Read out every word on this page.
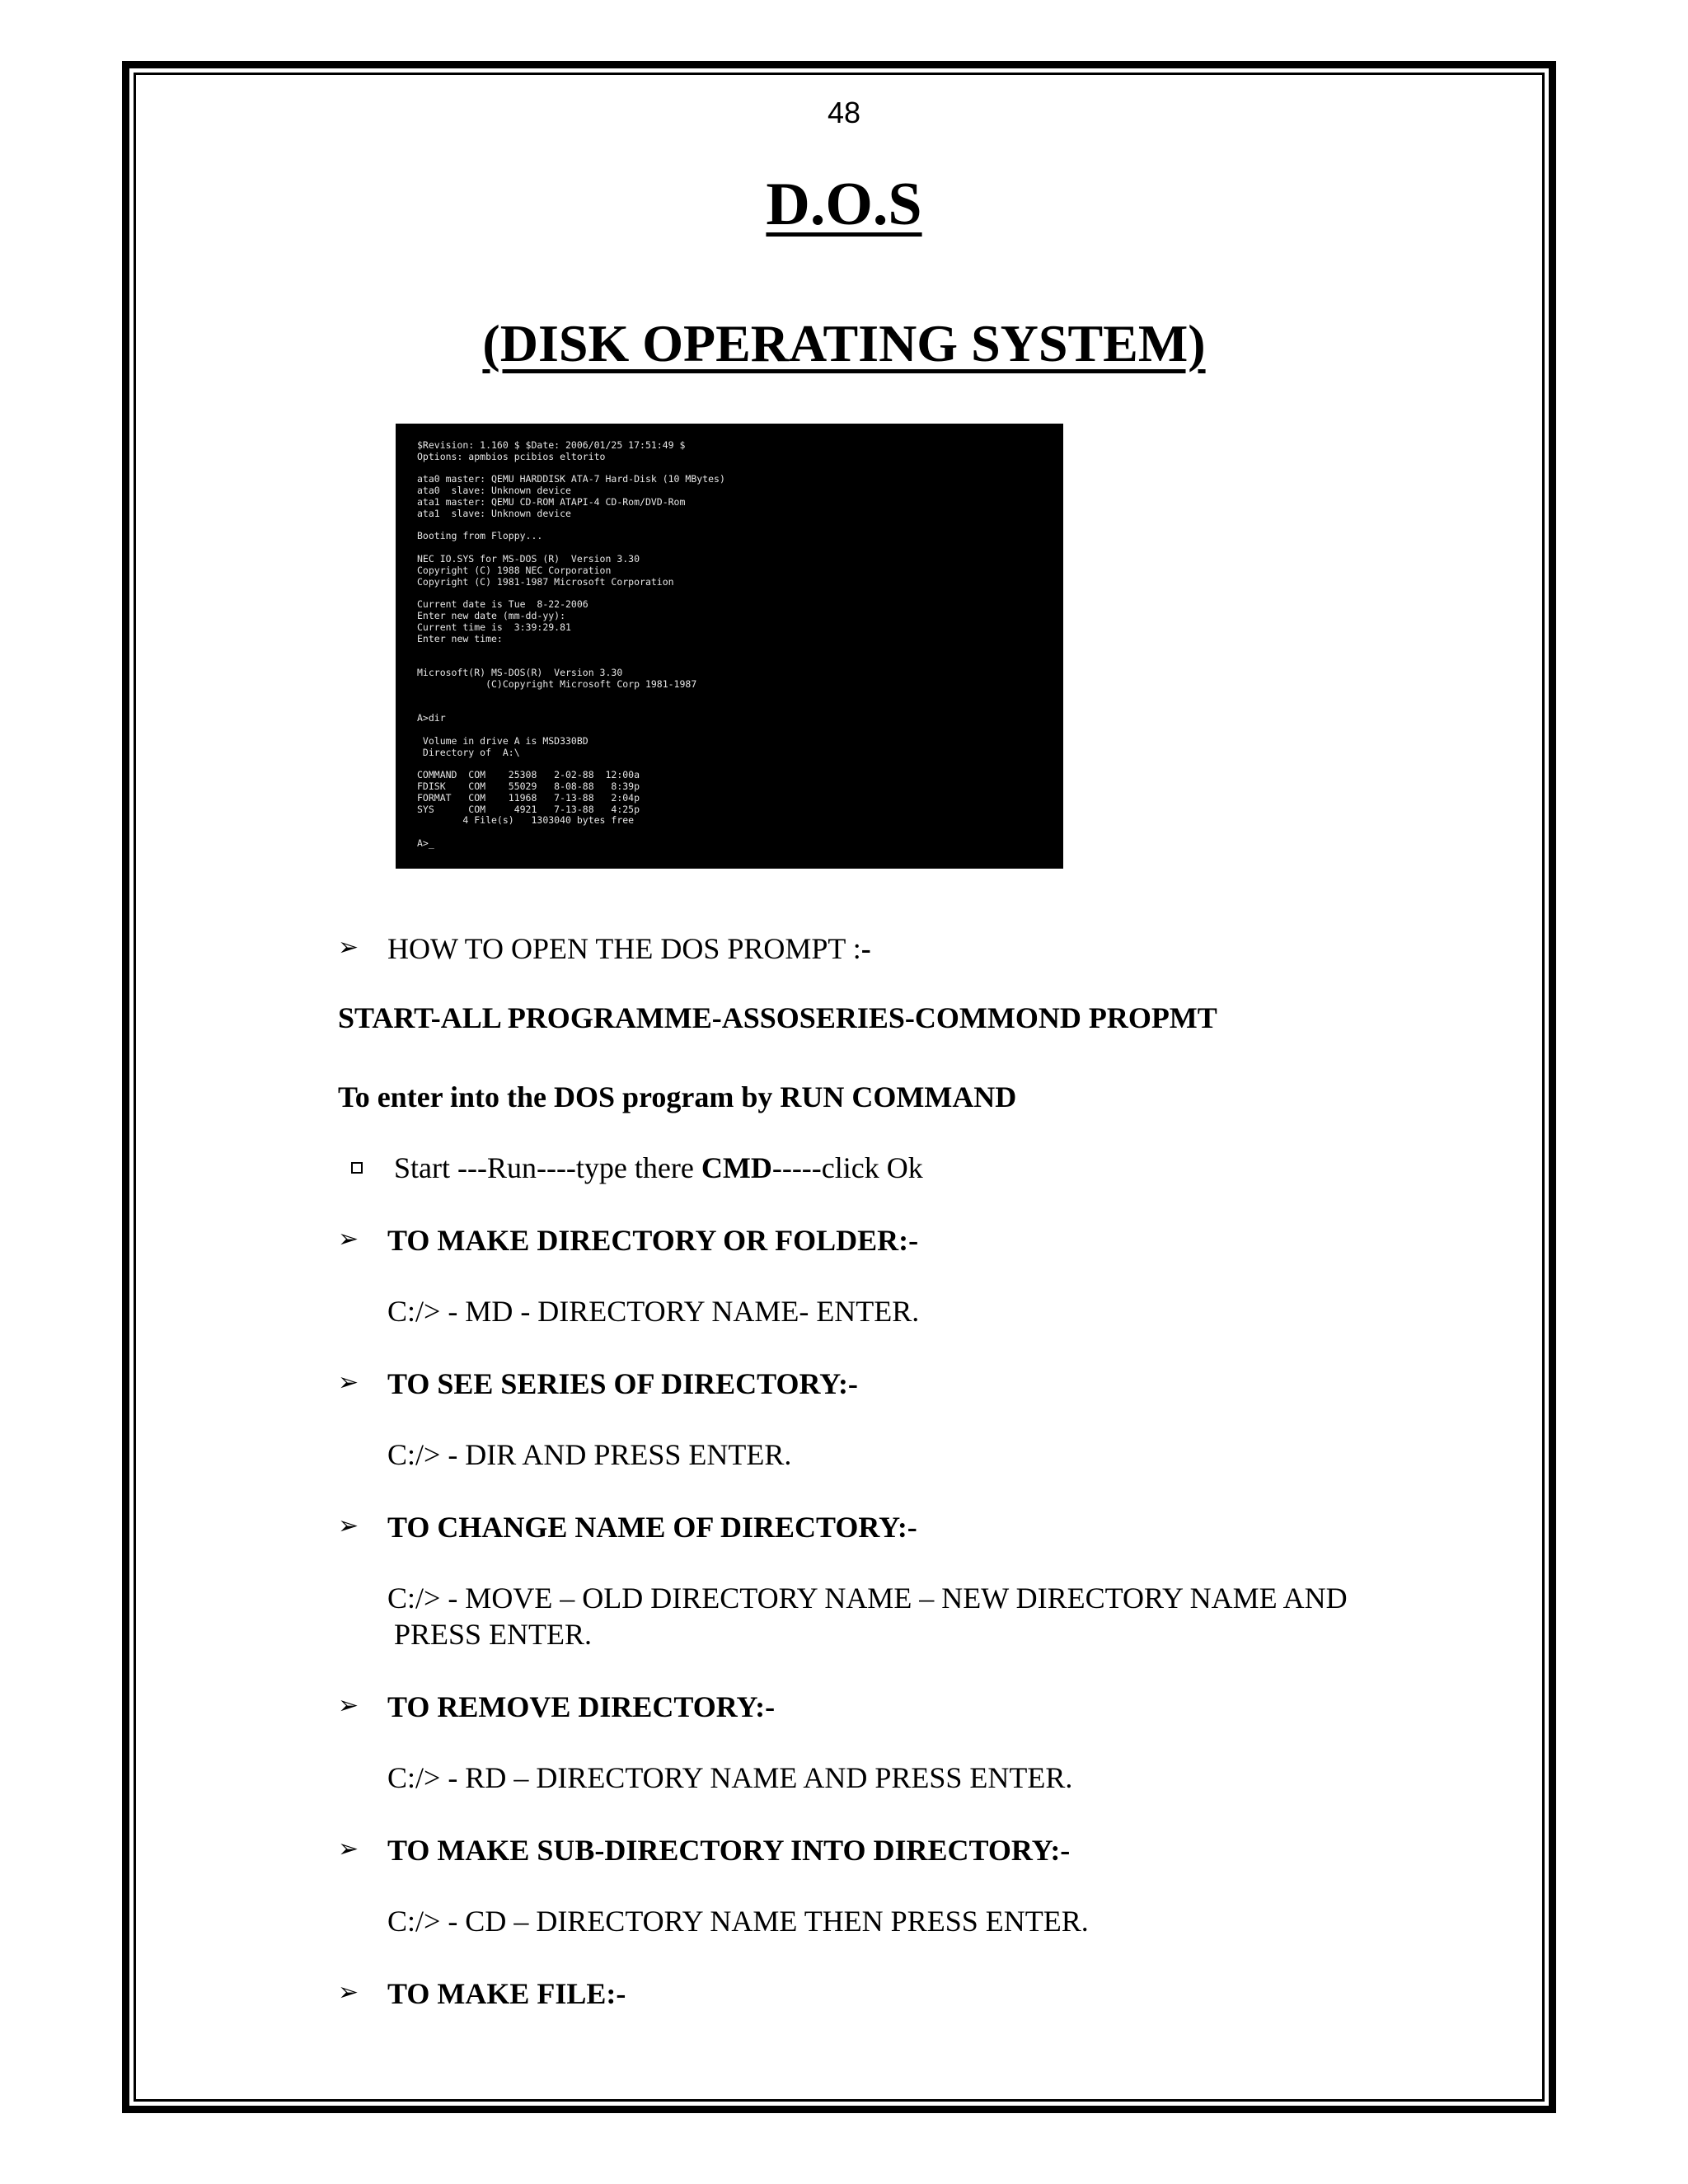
48
D.O.S
(DISK OPERATING SYSTEM)
$Revision: 1.160 $ $Date: 2006/01/25 17:51:49 $
Options: apmbios pcibios eltorito

ata0 master: QEMU HARDDISK ATA-7 Hard-Disk (10 MBytes)
ata0  slave: Unknown device
ata1 master: QEMU CD-ROM ATAPI-4 CD-Rom/DVD-Rom
ata1  slave: Unknown device

Booting from Floppy...

NEC IO.SYS for MS-DOS (R)  Version 3.30
Copyright (C) 1988 NEC Corporation
Copyright (C) 1981-1987 Microsoft Corporation

Current date is Tue  8-22-2006
Enter new date (mm-dd-yy):
Current time is  3:39:29.81
Enter new time:

Microsoft(R) MS-DOS(R)  Version 3.30
(C)Copyright Microsoft Corp 1981-1987

A>dir

Volume in drive A is MSD330BD
Directory of  A:\

COMMAND  COM    25308   2-02-88  12:00a
FDISK    COM    55029   8-08-88   8:39p
FORMAT   COM    11968   7-13-88   2:04p
SYS      COM     4921   7-13-88   4:25p
4 File(s)   1303040 bytes free

A>_
➢ HOW TO OPEN THE DOS PROMPT :-
START-ALL PROGRAMME-ASSOSERIES-COMMOND PROPMT
To enter into the DOS program by RUN COMMAND
Start ---Run----type there CMD-----click Ok
➢ TO MAKE DIRECTORY OR FOLDER:-
C:/> - MD - DIRECTORY NAME- ENTER.
➢ TO SEE SERIES OF DIRECTORY:-
C:/> - DIR AND PRESS ENTER.
➢ TO CHANGE NAME OF DIRECTORY:-
C:/> - MOVE – OLD DIRECTORY NAME – NEW DIRECTORY NAME AND
PRESS ENTER.
➢ TO REMOVE DIRECTORY:-
C:/> - RD – DIRECTORY NAME AND PRESS ENTER.
➢ TO MAKE SUB-DIRECTORY INTO DIRECTORY:-
C:/> - CD – DIRECTORY NAME THEN PRESS ENTER.
➢ TO MAKE FILE:-
